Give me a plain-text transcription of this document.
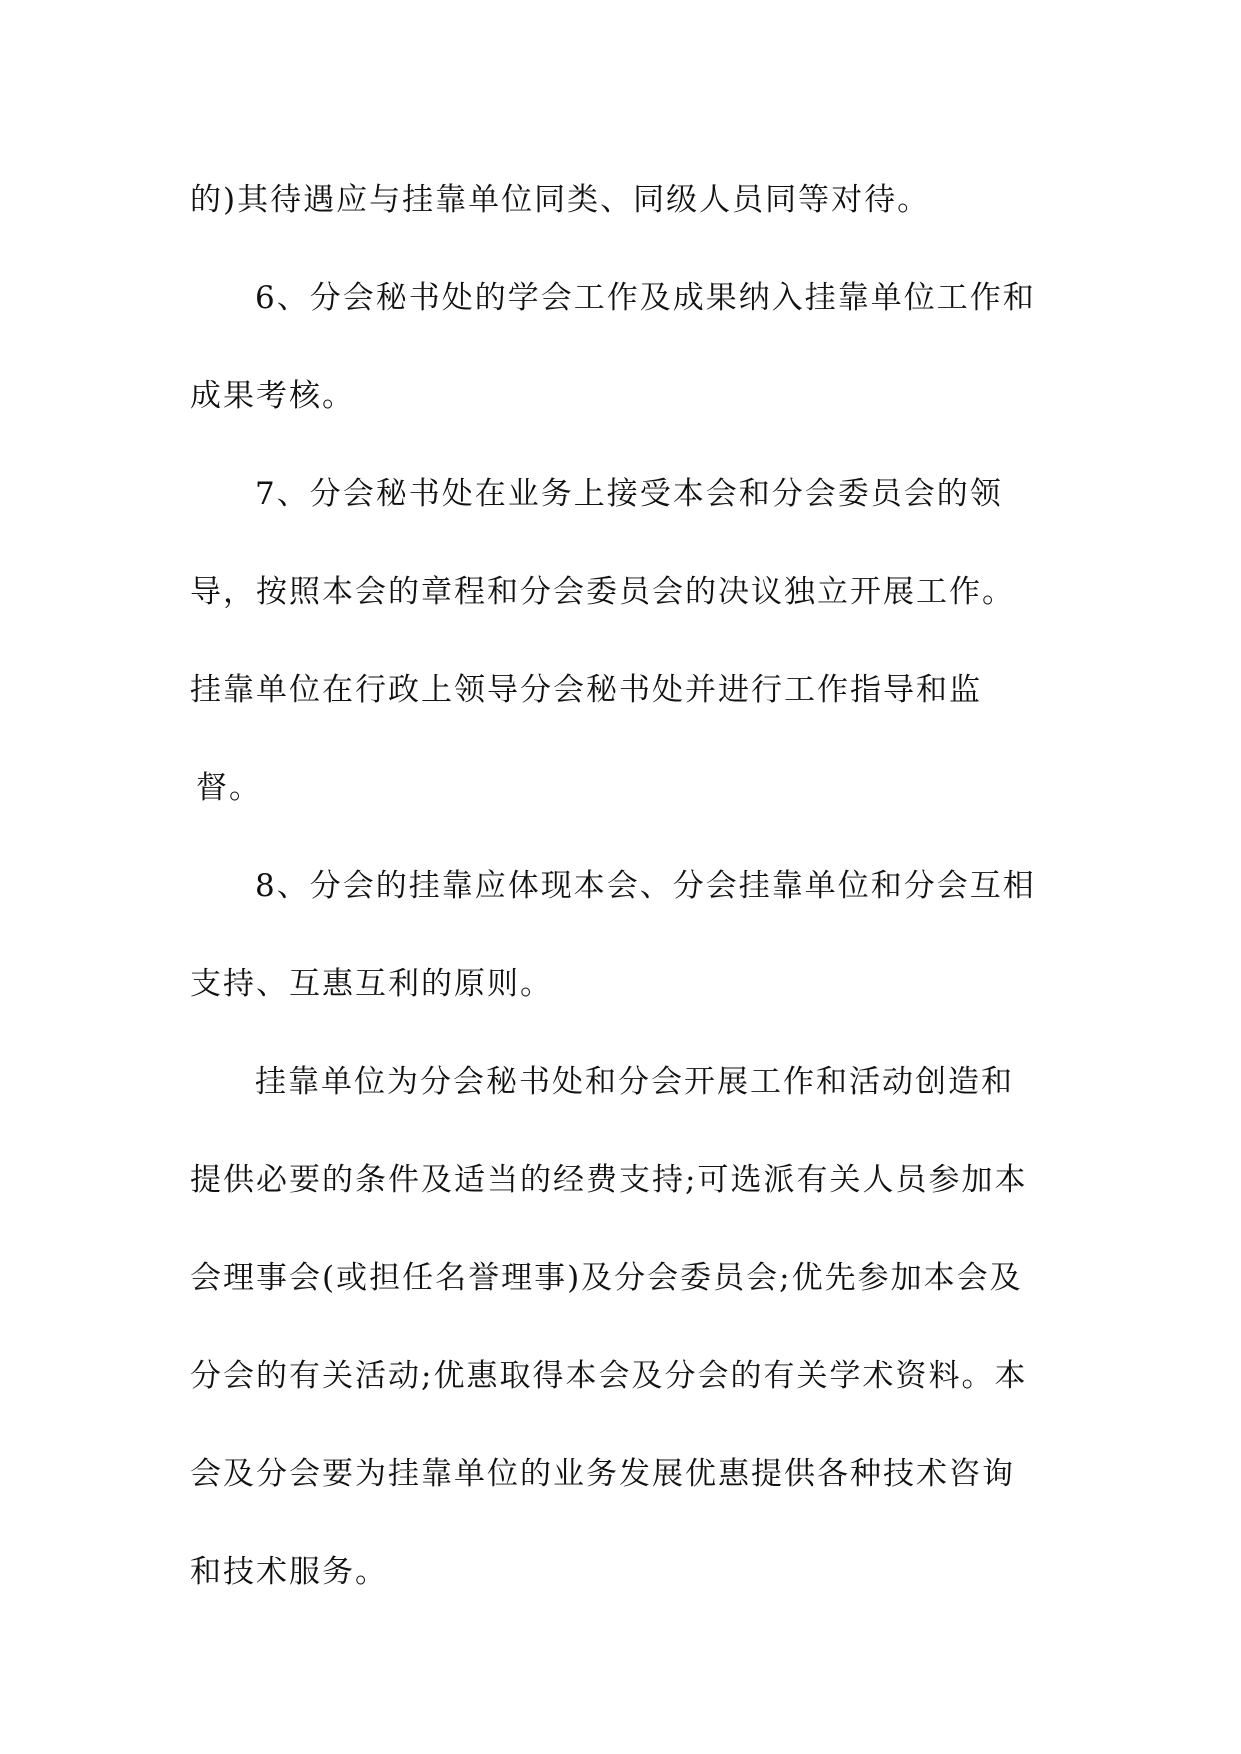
的)其待遇应与挂靠单位同类、同级人员同等对待。
6、分会秘书处的学会工作及成果纳入挂靠单位工作和
成果考核。
7、分会秘书处在业务上接受本会和分会委员会的领
导，按照本会的章程和分会委员会的决议独立开展工作。
挂靠单位在行政上领导分会秘书处并进行工作指导和监
督。
8、分会的挂靠应体现本会、分会挂靠单位和分会互相
支持、互惠互利的原则。
挂靠单位为分会秘书处和分会开展工作和活动创造和
提供必要的条件及适当的经费支持;可选派有关人员参加本
会理事会(或担任名誉理事)及分会委员会;优先参加本会及
分会的有关活动;优惠取得本会及分会的有关学术资料。本
会及分会要为挂靠单位的业务发展优惠提供各种技术咨询
和技术服务。
